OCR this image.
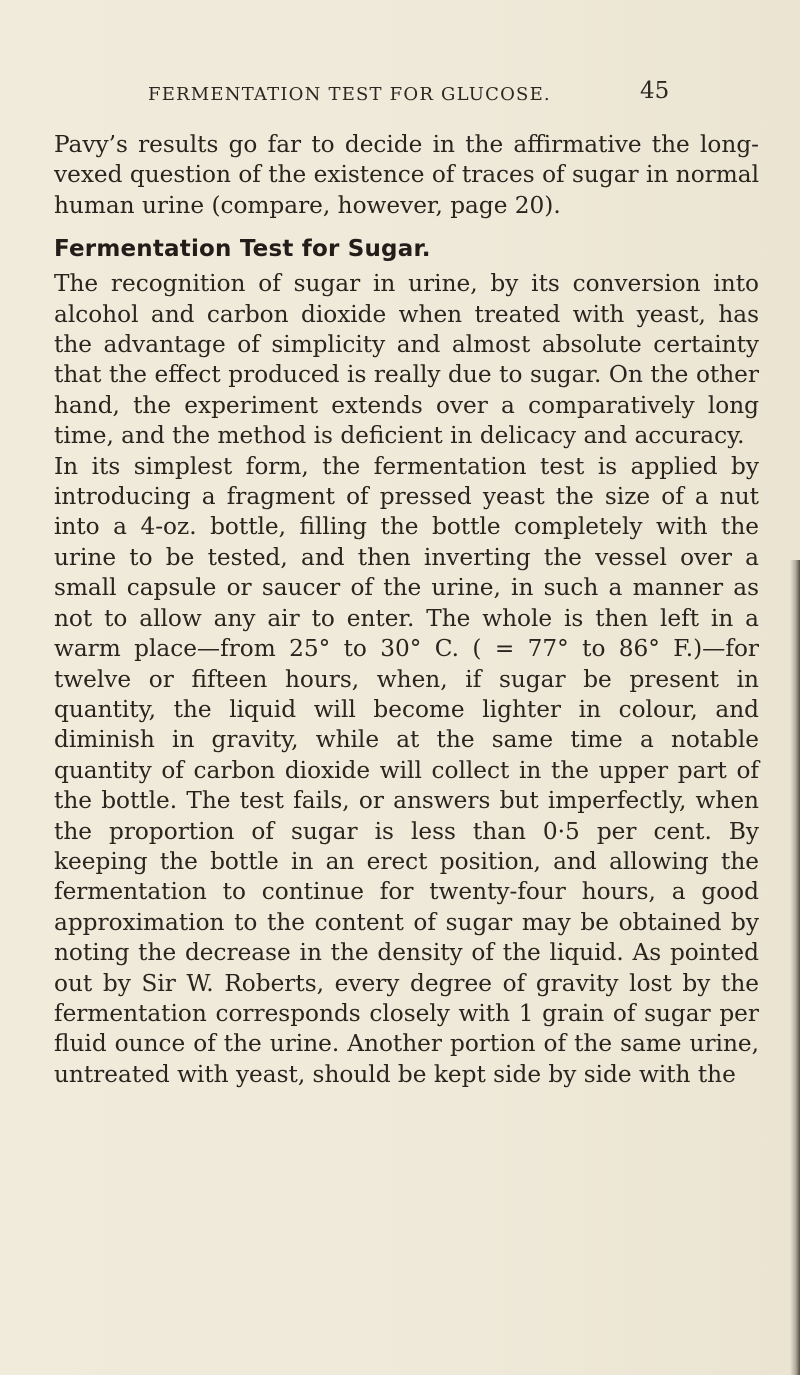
FERMENTATION TEST FOR GLUCOSE.	45

Pavy’s results go far to decide in the affirmative the long-vexed question of the existence of traces of sugar in normal human urine (compare, however, page 20).

Fermentation Test for Sugar.

The recognition of sugar in urine, by its conversion into alcohol and carbon dioxide when treated with yeast, has the advantage of simplicity and almost absolute certainty that the effect produced is really due to sugar. On the other hand, the experiment extends over a comparatively long time, and the method is deficient in delicacy and accuracy.

In its simplest form, the fermentation test is applied by introducing a fragment of pressed yeast the size of a nut into a 4-oz. bottle, filling the bottle completely with the urine to be tested, and then inverting the vessel over a small capsule or saucer of the urine, in such a manner as not to allow any air to enter. The whole is then left in a warm place—from 25° to 30° C. ( = 77° to 86° F.)—for twelve or fifteen hours, when, if sugar be present in quantity, the liquid will become lighter in colour, and diminish in gravity, while at the same time a notable quantity of carbon dioxide will collect in the upper part of the bottle. The test fails, or answers but imperfectly, when the proportion of sugar is less than 0·5 per cent. By keeping the bottle in an erect position, and allowing the fermentation to continue for twenty-four hours, a good approximation to the content of sugar may be obtained by noting the decrease in the density of the liquid. As pointed out by Sir W. Roberts, every degree of gravity lost by the fermentation corresponds closely with 1 grain of sugar per fluid ounce of the urine. Another portion of the same urine, untreated with yeast, should be kept side by side with the
